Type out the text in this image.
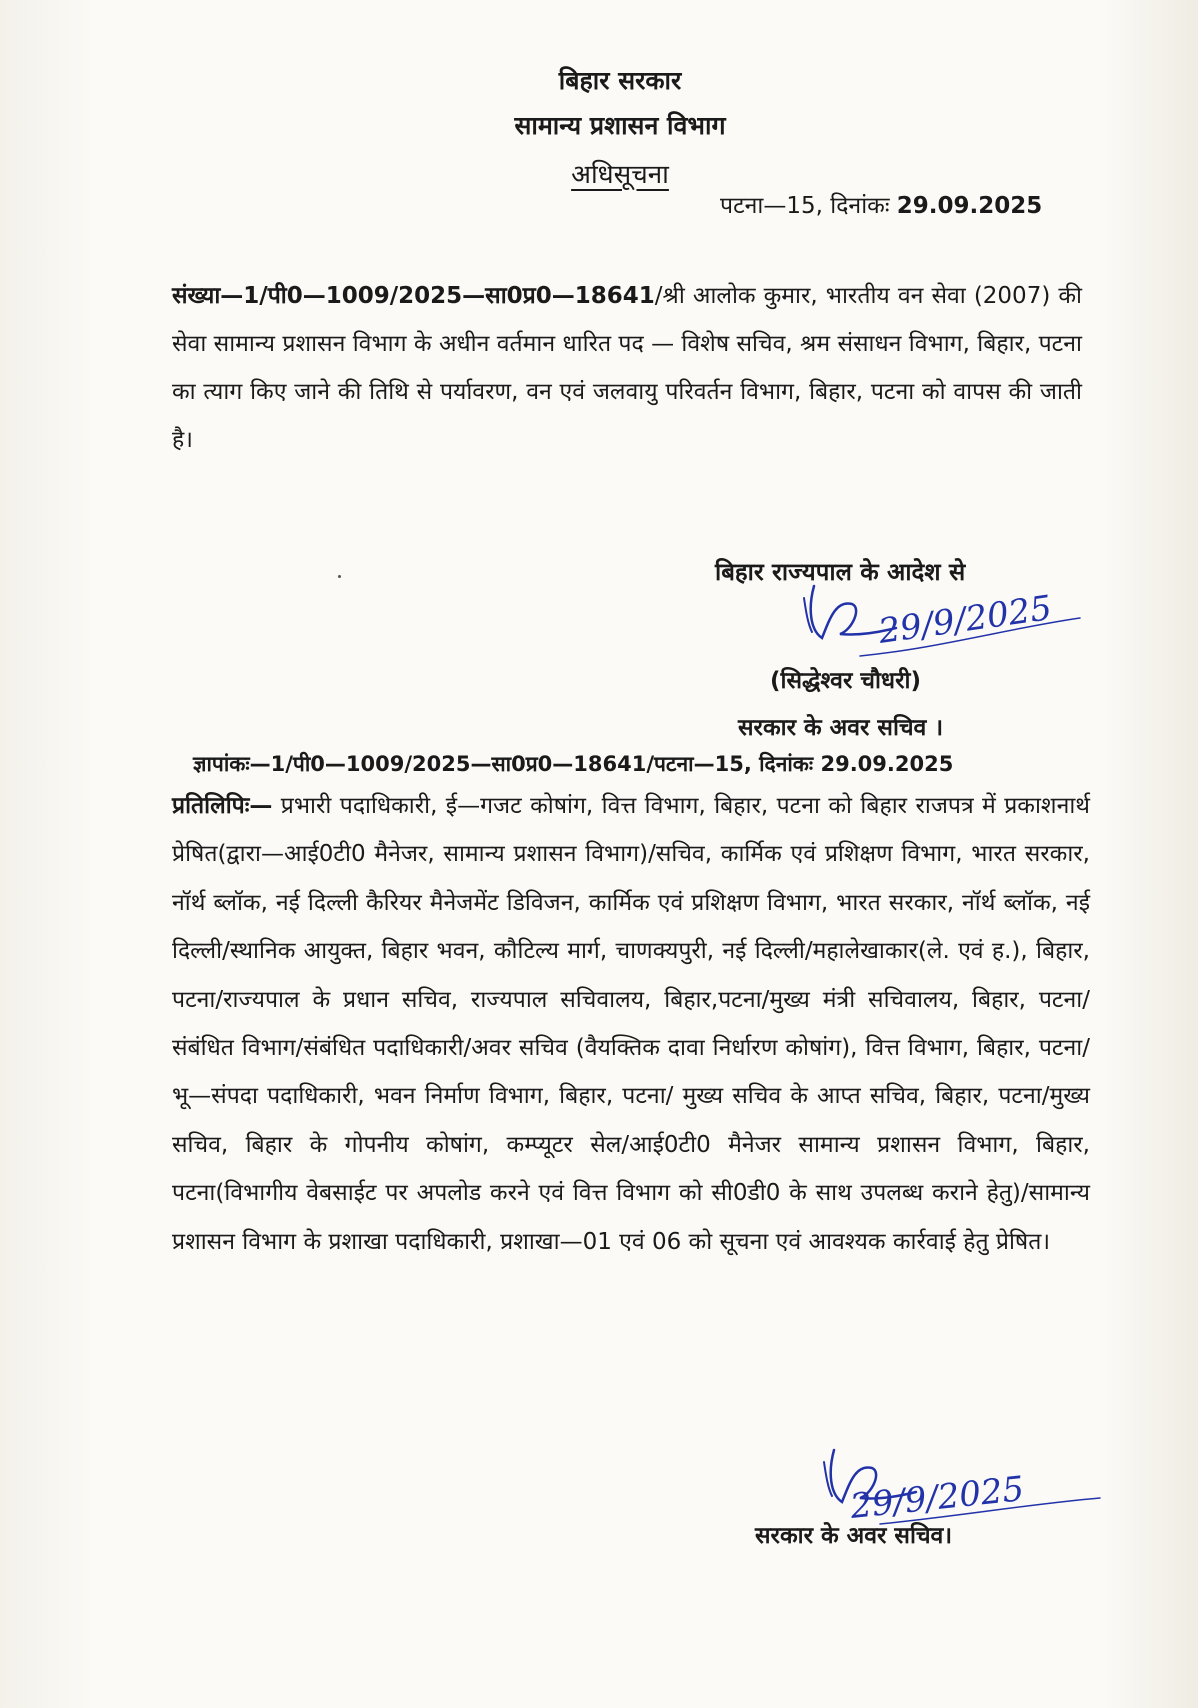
बिहार सरकार
सामान्य प्रशासन विभाग
अधिसूचना
पटना—15, दिनांकः 29.09.2025
संख्या—1/पी0—1009/2025—सा0प्र0—18641/श्री आलोक कुमार, भारतीय वन सेवा (2007) की सेवा सामान्य प्रशासन विभाग के अधीन वर्तमान धारित पद — विशेष सचिव, श्रम संसाधन विभाग, बिहार, पटना का त्याग किए जाने की तिथि से पर्यावरण, वन एवं जलवायु परिवर्तन विभाग, बिहार, पटना को वापस की जाती है।
बिहार राज्यपाल के आदेश से
29/9/2025
(सिद्धेश्वर चौधरी)
सरकार के अवर सचिव ।
ज्ञापांकः—1/पी0—1009/2025—सा0प्र0—18641/पटना—15, दिनांकः 29.09.2025
प्रतिलिपिः— प्रभारी पदाधिकारी, ई—गजट कोषांग, वित्त विभाग, बिहार, पटना को बिहार राजपत्र में प्रकाशनार्थ प्रेषित(द्वारा—आई0टी0 मैनेजर, सामान्य प्रशासन विभाग)/सचिव, कार्मिक एवं प्रशिक्षण विभाग, भारत सरकार, नॉर्थ ब्लॉक, नई दिल्ली कैरियर मैनेजमेंट डिविजन, कार्मिक एवं प्रशिक्षण विभाग, भारत सरकार, नॉर्थ ब्लॉक, नई दिल्ली/स्थानिक आयुक्त, बिहार भवन, कौटिल्य मार्ग, चाणक्यपुरी, नई दिल्ली/महालेखाकार(ले. एवं ह.), बिहार, पटना/राज्यपाल के प्रधान सचिव, राज्यपाल सचिवालय, बिहार,पटना/मुख्य मंत्री सचिवालय, बिहार, पटना/संबंधित विभाग/संबंधित पदाधिकारी/अवर सचिव (वैयक्तिक दावा निर्धारण कोषांग), वित्त विभाग, बिहार, पटना/भू—संपदा पदाधिकारी, भवन निर्माण विभाग, बिहार, पटना/ मुख्य सचिव के आप्त सचिव, बिहार, पटना/मुख्य सचिव, बिहार के गोपनीय कोषांग, कम्प्यूटर सेल/आई0टी0 मैनेजर सामान्य प्रशासन विभाग, बिहार, पटना(विभागीय वेबसाईट पर अपलोड करने एवं वित्त विभाग को सी0डी0 के साथ उपलब्ध कराने हेतु)/सामान्य प्रशासन विभाग के प्रशाखा पदाधिकारी, प्रशाखा—01 एवं 06 को सूचना एवं आवश्यक कार्रवाई हेतु प्रेषित।
29/9/2025
सरकार के अवर सचिव।
